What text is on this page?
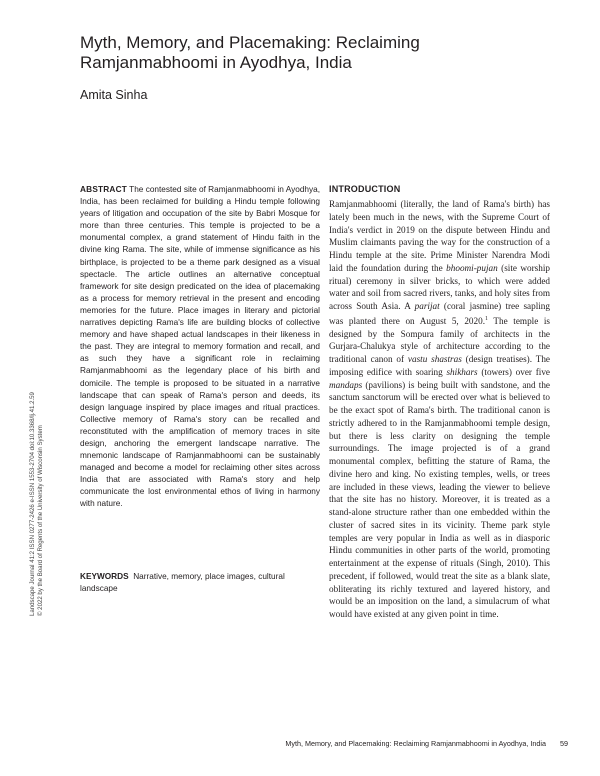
Myth, Memory, and Placemaking: Reclaiming Ramjanmabhoomi in Ayodhya, India
Amita Sinha
Landscape Journal 41:2 ISSN 0277-2426 e-ISSN 1553-2704 doi:10.3368/lj.41.2.59 © 2022 by the Board of Regents of the University of Wisconsin System

ABSTRACT The contested site of Ramjanmabhoomi in Ayodhya, India, has been reclaimed for building a Hindu temple following years of litigation and occupation of the site by Babri Mosque for more than three centuries. This temple is projected to be a monumental complex, a grand statement of Hindu faith in the divine king Rama. The site, while of immense significance as his birthplace, is projected to be a theme park designed as a visual spectacle. The article outlines an alternative conceptual framework for site design predicated on the idea of placemaking as a process for memory retrieval in the present and encoding memories for the future. Place images in literary and pictorial narratives depicting Rama's life are building blocks of collective memory and have shaped actual landscapes in their likeness in the past. They are integral to memory formation and recall, and as such they have a significant role in reclaiming Ramjanmabhoomi as the legendary place of his birth and domicile. The temple is proposed to be situated in a narrative landscape that can speak of Rama's person and deeds, its design language inspired by place images and ritual practices. Collective memory of Rama's story can be recalled and reconstituted with the amplification of memory traces in site design, anchoring the emergent landscape narrative. The mnemonic landscape of Ramjanmabhoomi can be sustainably managed and become a model for reclaiming other sites across India that are associated with Rama's story and help communicate the lost environmental ethos of living in harmony with nature.

KEYWORDS Narrative, memory, place images, cultural landscape

INTRODUCTION

Ramjanmabhoomi (literally, the land of Rama's birth) has lately been much in the news, with the Supreme Court of India's verdict in 2019 on the dispute between Hindu and Muslim claimants paving the way for the construction of a Hindu temple at the site. Prime Minister Narendra Modi laid the foundation during the bhoomi-pujan (site worship ritual) ceremony in silver bricks, to which were added water and soil from sacred rivers, tanks, and holy sites from across South Asia. A parijat (coral jasmine) tree sapling was planted there on August 5, 2020.$^1$ The temple is designed by the Sompura family of architects in the Gurjara-Chalukya style of architecture according to the traditional canon of vastu shastras (design treatises). The imposing edifice with soaring shikhars (towers) over five mandaps (pavilions) is being built with sandstone, and the sanctum sanctorum will be erected over what is believed to be the exact spot of Rama's birth. The traditional canon is strictly adhered to in the Ramjanmabhoomi temple design, but there is less clarity on designing the temple surroundings. The image projected is of a grand monumental complex, befitting the stature of Rama, the divine hero and king. No existing temples, wells, or trees are included in these views, leading the viewer to believe that the site has no history. Moreover, it is treated as a stand-alone structure rather than one embedded within the cluster of sacred sites in its vicinity. Theme park style temples are very popular in India as well as in diasporic Hindu communities in other parts of the world, promoting entertainment at the expense of rituals (Singh, 2010). This precedent, if followed, would treat the site as a blank slate, obliterating its richly textured and layered history, and would be an imposition on the land, a simulacrum of what would have existed at any given point in time.

Myth, Memory, and Placemaking: Reclaiming Ramjanmabhoomi in Ayodhya, India 59
